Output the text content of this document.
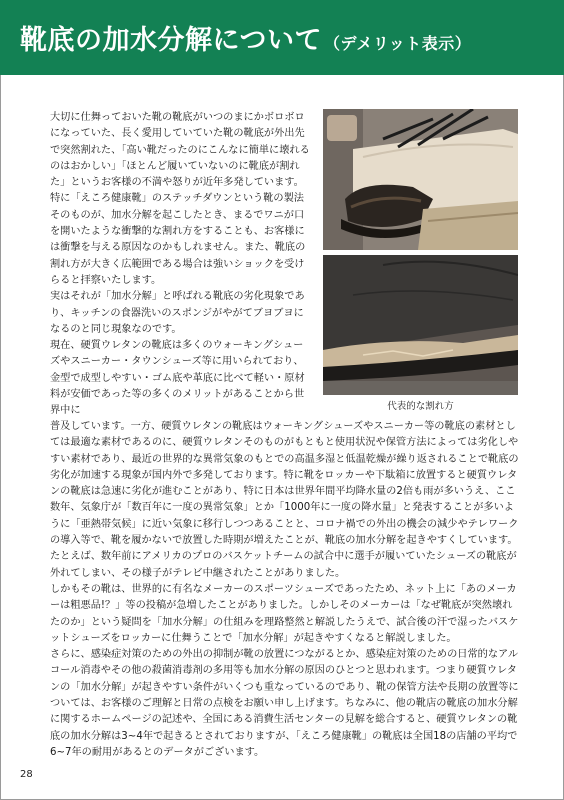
靴底の加水分解について （デメリット表示）

大切に仕舞っておいた靴の靴底がいつのまにかボロボロになっていた、長く愛用していていた靴の靴底が外出先で突然割れた、「高い靴だったのにこんなに簡単に壊れるのはおかしい」「ほとんど履いていないのに靴底が割れた」というお客様の不満や怒りが近年多発しています。

特に「えころ健康靴」のステッチダウンという靴の製法そのものが、加水分解を起こしたとき、まるでワニが口を開いたような衝撃的な割れ方をすることも、お客様には衝撃を与える原因なのかもしれません。また、靴底の割れ方が大きく広範囲である場合は強いショックを受けらると拝察いたします。

実はそれが「加水分解」と呼ばれる靴底の劣化現象であり、キッチンの食器洗いのスポンジがやがてブヨブヨになるのと同じ現象なのです。

現在、硬質ウレタンの靴底は多くのウォーキングシューズやスニーカー・タウンシューズ等に用いられており、金型で成型しやすい・ゴム底や革底に比べて軽い・原材料が安価であった等の多くのメリットがあることから世界中に	代表的な割れ方

普及しています。一方、硬質ウレタンの靴底はウォーキングシューズやスニーカー等の靴底の素材としては最適な素材であるのに、硬質ウレタンそのものがもともと使用状況や保管方法によっては劣化しやすい素材であり、最近の世界的な異常気象のもとでの高温多湿と低温乾燥が繰り返されることで靴底の劣化が加速する現象が国内外で多発しております。特に靴をロッカーや下駄箱に放置すると硬質ウレタンの靴底は急速に劣化が進むことがあり、特に日本は世界年間平均降水量の2倍も雨が多いうえ、ここ数年、気象庁が「数百年に一度の異常気象」とか「1000年に一度の降水量」と発表することが多いように「亜熱帯気候」に近い気象に移行しつつあることと、コロナ禍での外出の機会の減少やテレワークの導入等で、靴を履かないで放置した時期が増えたことが、靴底の加水分解を起きやすくしています。

たとえば、数年前にアメリカのプロのバスケットチームの試合中に選手が履いていたシューズの靴底が外れてしまい、その様子がテレビ中継されたことがありました。

しかもその靴は、世界的に有名なメーカーのスポーツシューズであったため、ネット上に「あのメーカーは粗悪品!？」等の投稿が急増したことがありました。しかしそのメーカーは「なぜ靴底が突然壊れたのか」という疑問を「加水分解」の仕組みを理路整然と解説したうえで、試合後の汗で湿ったバスケットシューズをロッカーに仕舞うことで「加水分解」が起きやすくなると解説しました。

さらに、感染症対策のための外出の抑制が靴の放置につながるとか、感染症対策のための日常的なアルコール消毒やその他の殺菌消毒剤の多用等も加水分解の原因のひとつと思われます。つまり硬質ウレタンの「加水分解」が起きやすい条件がいくつも重なっているのであり、靴の保管方法や長期の放置等については、お客様のご理解と日常の点検をお願い申し上げます。ちなみに、他の靴店の靴底の加水分解に関するホームページの記述や、全国にある消費生活センターの見解を総合すると、硬質ウレタンの靴底の加水分解は3~4年で起きるとされておりますが、「えころ健康靴」の靴底は全国18の店舗の平均で6~7年の耐用があるとのデータがございます。

28
